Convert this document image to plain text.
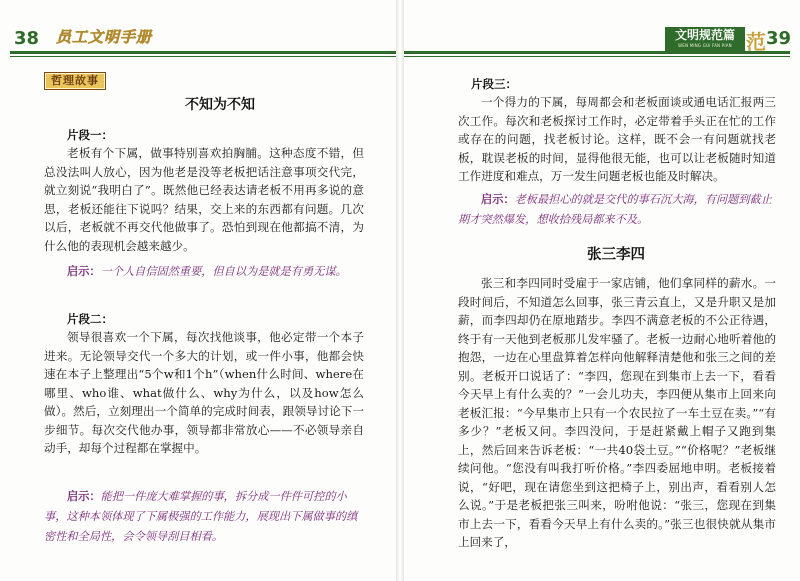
38 员工文明手册
哲理故事
不知为不知
片段一：
老板有个下属，做事特别喜欢拍胸脯。这种态度不错，但总没法叫人放心，因为他老是没等老板把话注意事项交代完，就立刻说“我明白了”。既然他已经表达请老板不用再多说的意思，老板还能往下说吗？结果，交上来的东西都有问题。几次以后，老板就不再交代他做事了。恐怕到现在他都搞不清，为什么他的表现机会越来越少。
启示：一个人自信固然重要，但自以为是就是有勇无谋。
片段二：
领导很喜欢一个下属，每次找他谈事，他必定带一个本子进来。无论领导交代一个多大的计划，或一件小事，他都会快速在本子上整理出“5个w和1个h”（when什么时间、where在哪里、who谁、what做什么、why为什么，以及how怎么做）。然后，立刻理出一个简单的完成时间表，跟领导讨论下一步细节。每次交代他办事，领导都非常放心——不必领导亲自动手，却每个过程都在掌握中。
启示：能把一件庞大难掌握的事，拆分成一件件可控的小事，这种本领体现了下属极强的工作能力，展现出下属做事的缜密性和全局性，会令领导刮目相看。
文明规范篇
WEN MING GUI FAN PIAN 范 39
片段三：
一个得力的下属，每周都会和老板面谈或通电话汇报两三次工作。每次和老板探讨工作时，必定带着手头正在忙的工作或存在的问题，找老板讨论。这样，既不会一有问题就找老板，耽误老板的时间，显得他很无能，也可以让老板随时知道工作进度和难点，万一发生问题老板也能及时解决。
启示：老板最担心的就是交代的事石沉大海，有问题到截止期才突然爆发，想收拾残局都来不及。
张三李四
张三和李四同时受雇于一家店铺，他们拿同样的薪水。一段时间后，不知道怎么回事，张三青云直上，又是升职又是加薪，而李四却仍在原地踏步。李四不满意老板的不公正待遇，终于有一天他到老板那儿发牢骚了。老板一边耐心地听着他的抱怨，一边在心里盘算着怎样向他解释清楚他和张三之间的差别。老板开口说话了：“李四，您现在到集市上去一下，看看今天早上有什么卖的？”一会儿功夫，李四便从集市上回来向老板汇报：“今早集市上只有一个农民拉了一车土豆在卖。”“有多少？”老板又问。李四没问，于是赶紧戴上帽子又跑到集上，然后回来告诉老板：“一共40袋土豆。”“价格呢？”老板继续问他。“您没有叫我打听价格。”李四委屈地申明。老板接着说，“好吧，现在请您坐到这把椅子上，别出声，看看别人怎么说。”于是老板把张三叫来，吩咐他说：“张三，您现在到集市上去一下，看看今天早上有什么卖的。”张三也很快就从集市上回来了，
